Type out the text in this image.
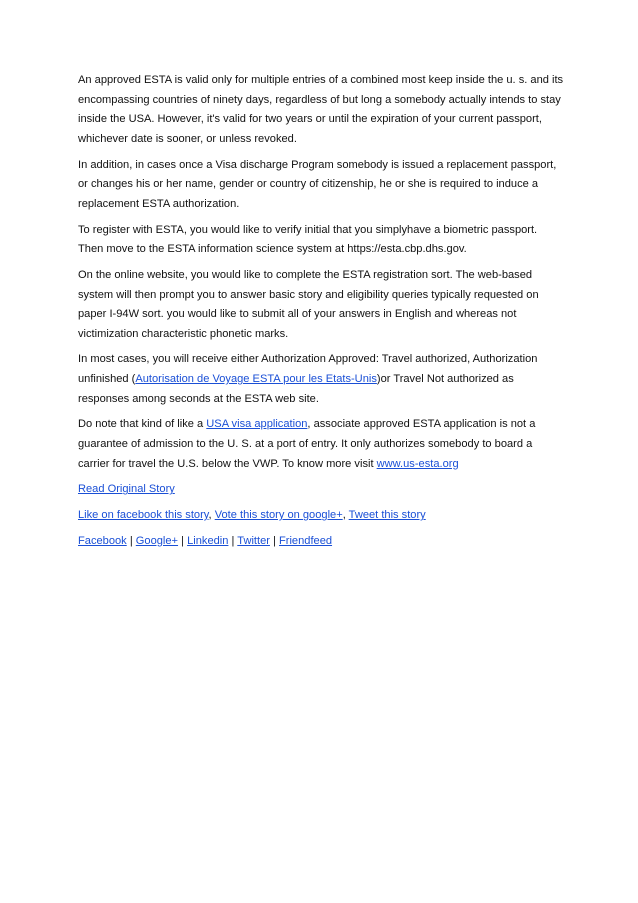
An approved ESTA is valid only for multiple entries of a combined most keep inside the u. s. and its encompassing countries of ninety days, regardless of but long a somebody actually intends to stay inside the USA. However, it's valid for two years or until the expiration of your current passport, whichever date is sooner, or unless revoked.

In addition, in cases once a Visa discharge Program somebody is issued a replacement passport, or changes his or her name, gender or country of citizenship, he or she is required to induce a replacement ESTA authorization.

To register with ESTA, you would like to verify initial that you simplyhave a biometric passport. Then move to the ESTA information science system at https://esta.cbp.dhs.gov.

On the online website, you would like to complete the ESTA registration sort. The web-based system will then prompt you to answer basic story and eligibility queries typically requested on paper I-94W sort. you would like to submit all of your answers in English and whereas not victimization characteristic phonetic marks.

In most cases, you will receive either Authorization Approved: Travel authorized, Authorization unfinished (Autorisation de Voyage ESTA pour les Etats-Unis)or Travel Not authorized as responses among seconds at the ESTA web site.

Do note that kind of like a USA visa application, associate approved ESTA application is not a guarantee of admission to the U. S. at a port of entry. It only authorizes somebody to board a carrier for travel the U.S. below the VWP. To know more visit www.us-esta.org

Read Original Story

Like on facebook this story, Vote this story on google+, Tweet this story

Facebook | Google+ | Linkedin | Twitter | Friendfeed
